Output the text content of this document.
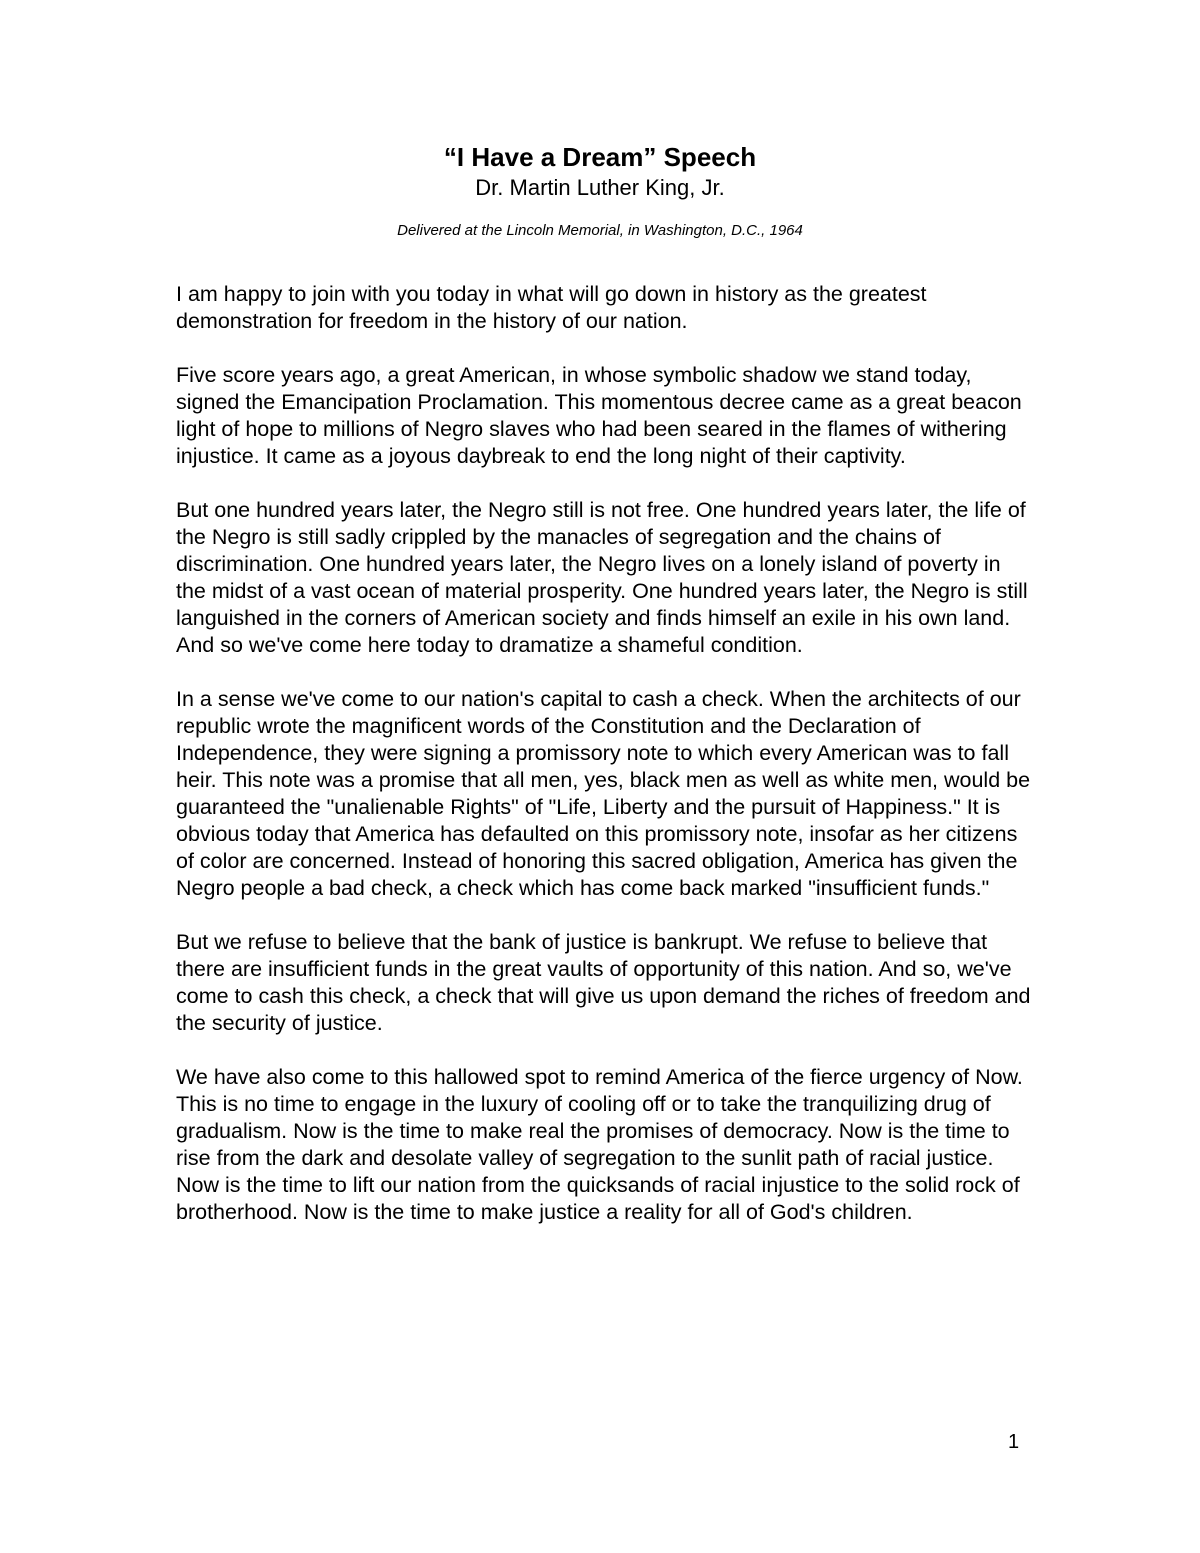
“I Have a Dream” Speech

Dr. Martin Luther King, Jr.

Delivered at the Lincoln Memorial, in Washington, D.C., 1964

I am happy to join with you today in what will go down in history as the greatest demonstration for freedom in the history of our nation.

Five score years ago, a great American, in whose symbolic shadow we stand today, signed the Emancipation Proclamation. This momentous decree came as a great beacon light of hope to millions of Negro slaves who had been seared in the flames of withering injustice. It came as a joyous daybreak to end the long night of their captivity.

But one hundred years later, the Negro still is not free. One hundred years later, the life of the Negro is still sadly crippled by the manacles of segregation and the chains of discrimination. One hundred years later, the Negro lives on a lonely island of poverty in the midst of a vast ocean of material prosperity. One hundred years later, the Negro is still languished in the corners of American society and finds himself an exile in his own land. And so we've come here today to dramatize a shameful condition.

In a sense we've come to our nation's capital to cash a check. When the architects of our republic wrote the magnificent words of the Constitution and the Declaration of Independence, they were signing a promissory note to which every American was to fall heir. This note was a promise that all men, yes, black men as well as white men, would be guaranteed the "unalienable Rights" of "Life, Liberty and the pursuit of Happiness." It is obvious today that America has defaulted on this promissory note, insofar as her citizens of color are concerned. Instead of honoring this sacred obligation, America has given the Negro people a bad check, a check which has come back marked "insufficient funds."

But we refuse to believe that the bank of justice is bankrupt. We refuse to believe that there are insufficient funds in the great vaults of opportunity of this nation. And so, we've come to cash this check, a check that will give us upon demand the riches of freedom and the security of justice.

We have also come to this hallowed spot to remind America of the fierce urgency of Now. This is no time to engage in the luxury of cooling off or to take the tranquilizing drug of gradualism. Now is the time to make real the promises of democracy. Now is the time to rise from the dark and desolate valley of segregation to the sunlit path of racial justice. Now is the time to lift our nation from the quicksands of racial injustice to the solid rock of brotherhood. Now is the time to make justice a reality for all of God's children.

1
